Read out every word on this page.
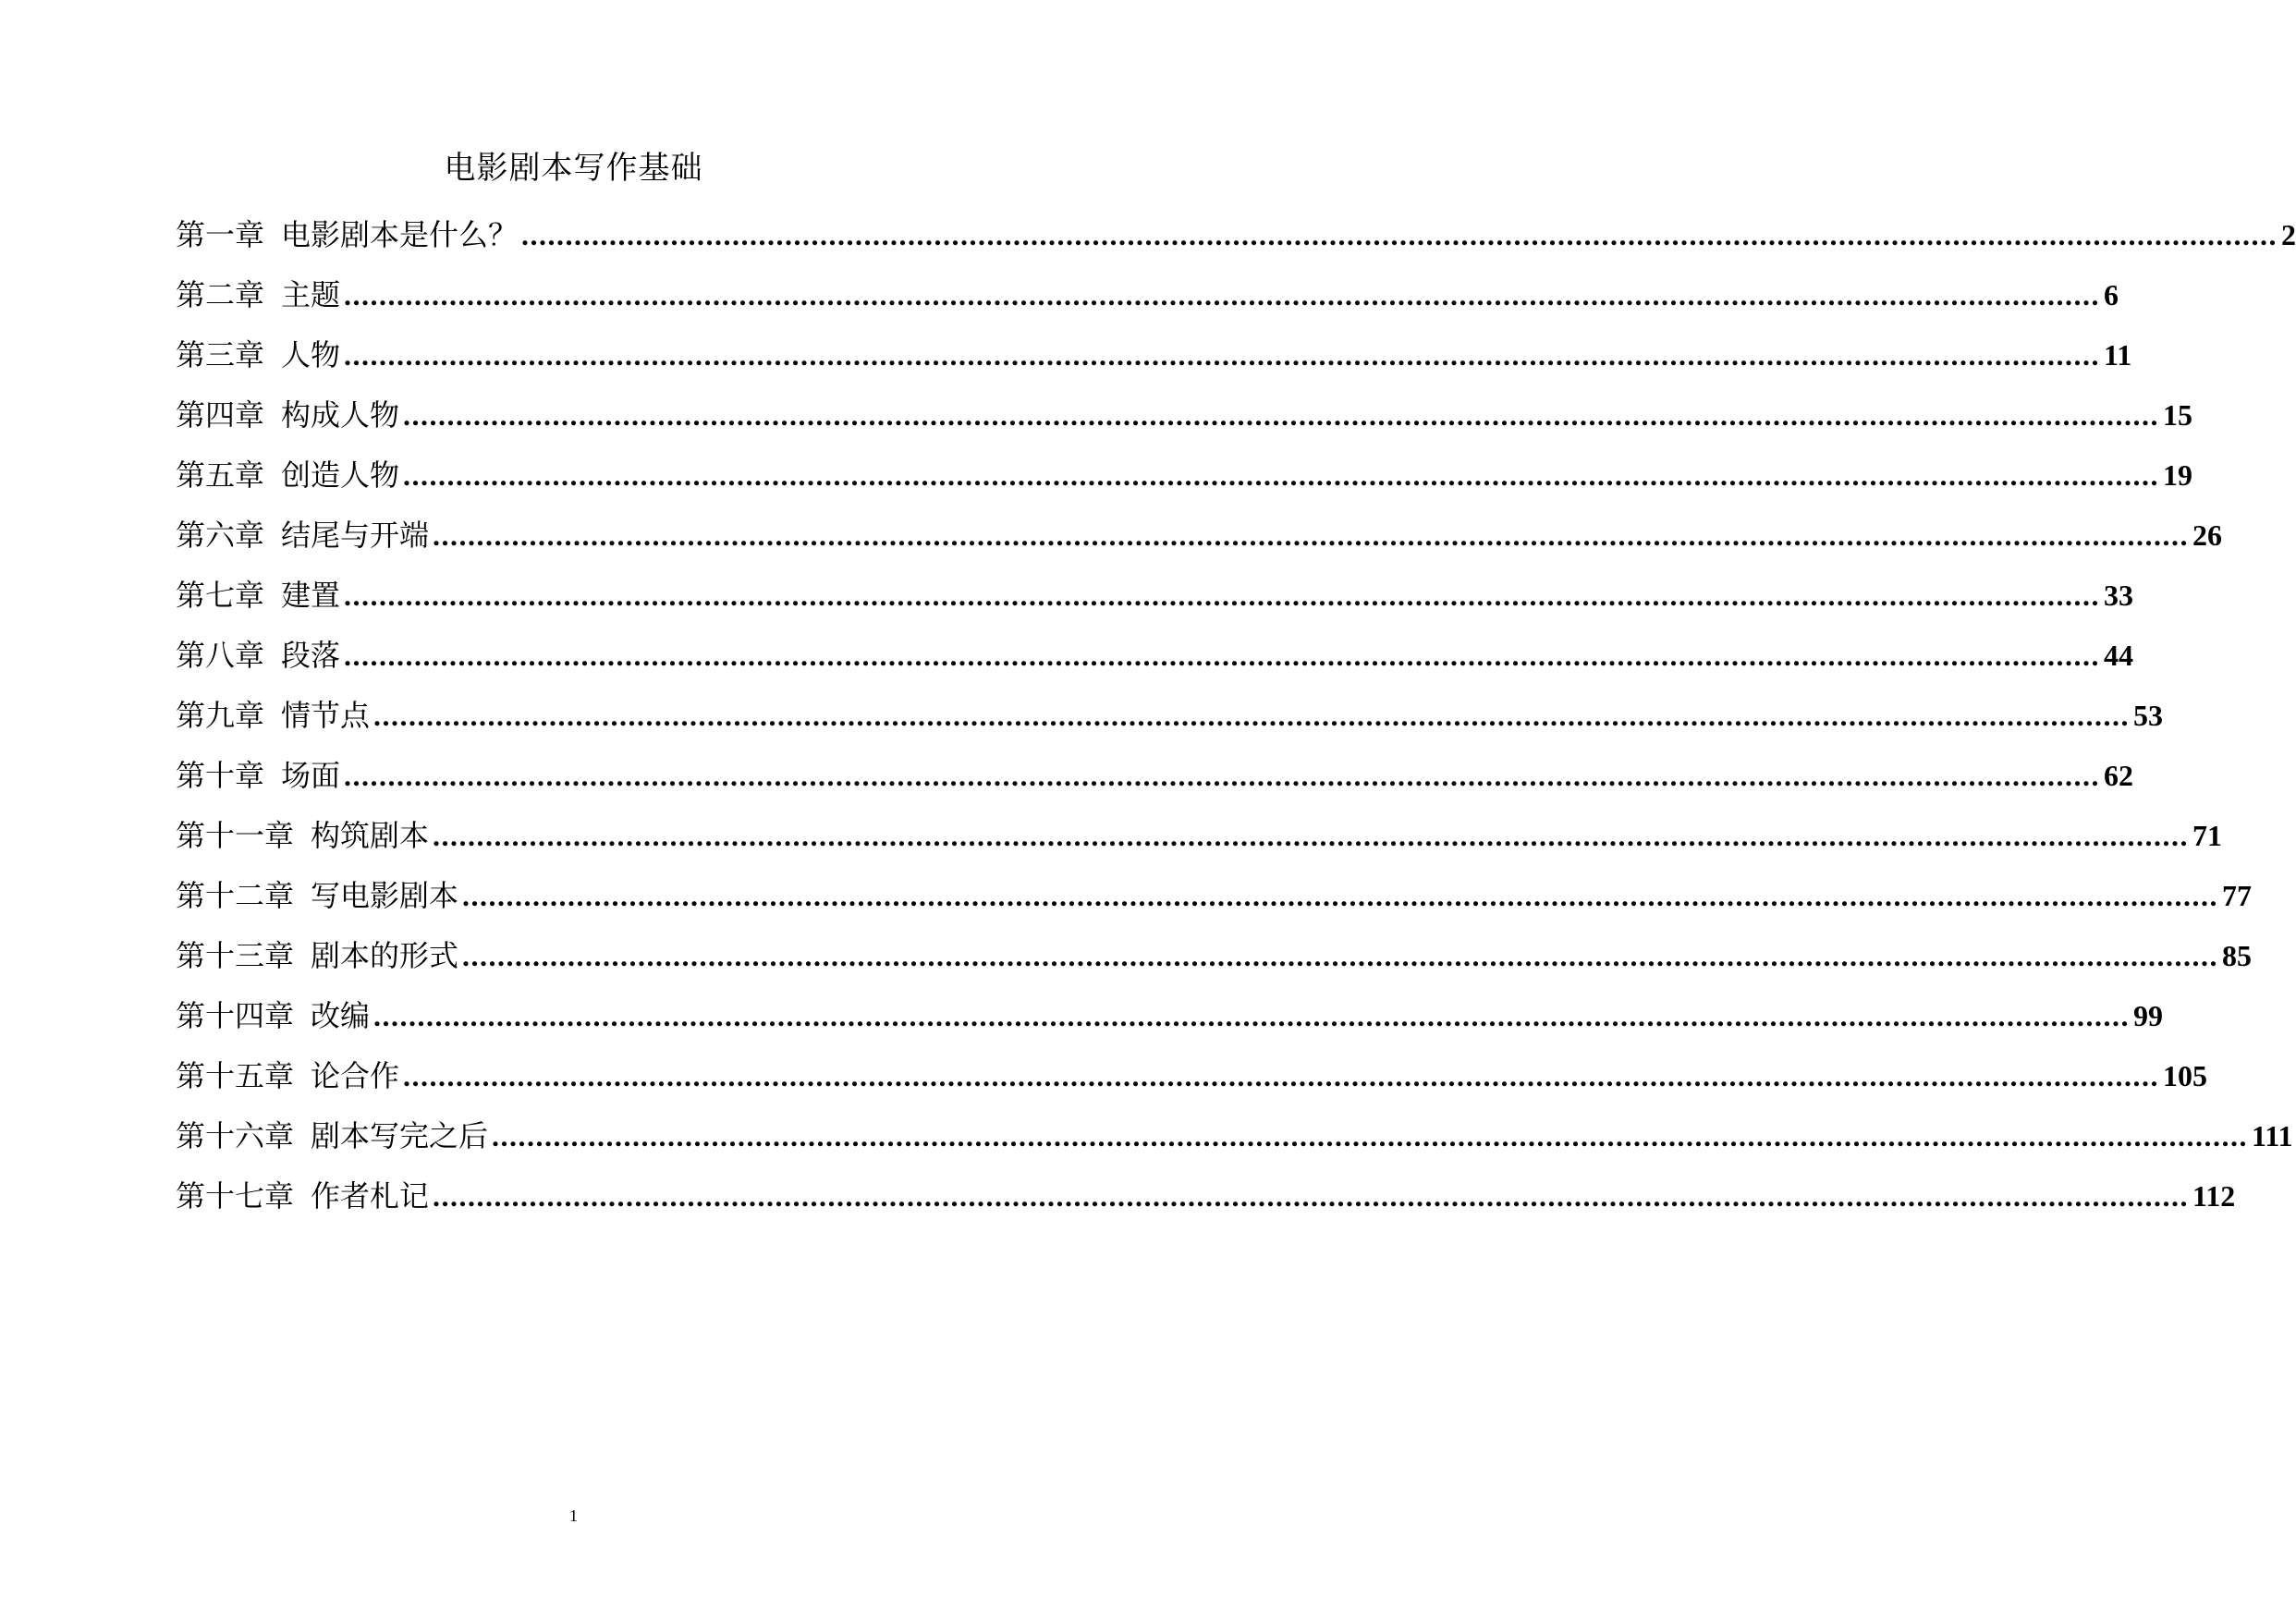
电影剧本写作基础
第一章 电影剧本是什么？ ........................................................................................................................................................................................................ 2
第二章 主题 ........................................................................................................................................................................................................ 6
第三章 人物 ........................................................................................................................................................................................................ 11
第四章 构成人物 ........................................................................................................................................................................................................ 15
第五章 创造人物 ........................................................................................................................................................................................................ 19
第六章 结尾与开端 ........................................................................................................................................................................................................ 26
第七章 建置 ........................................................................................................................................................................................................ 33
第八章 段落 ........................................................................................................................................................................................................ 44
第九章 情节点 ........................................................................................................................................................................................................ 53
第十章 场面 ........................................................................................................................................................................................................ 62
第十一章 构筑剧本 ........................................................................................................................................................................................................ 71
第十二章 写电影剧本 ........................................................................................................................................................................................................ 77
第十三章 剧本的形式 ........................................................................................................................................................................................................ 85
第十四章 改编 ........................................................................................................................................................................................................ 99
第十五章 论合作 ........................................................................................................................................................................................................ 105
第十六章 剧本写完之后 ........................................................................................................................................................................................................ 111
第十七章 作者札记 ........................................................................................................................................................................................................ 112
1
